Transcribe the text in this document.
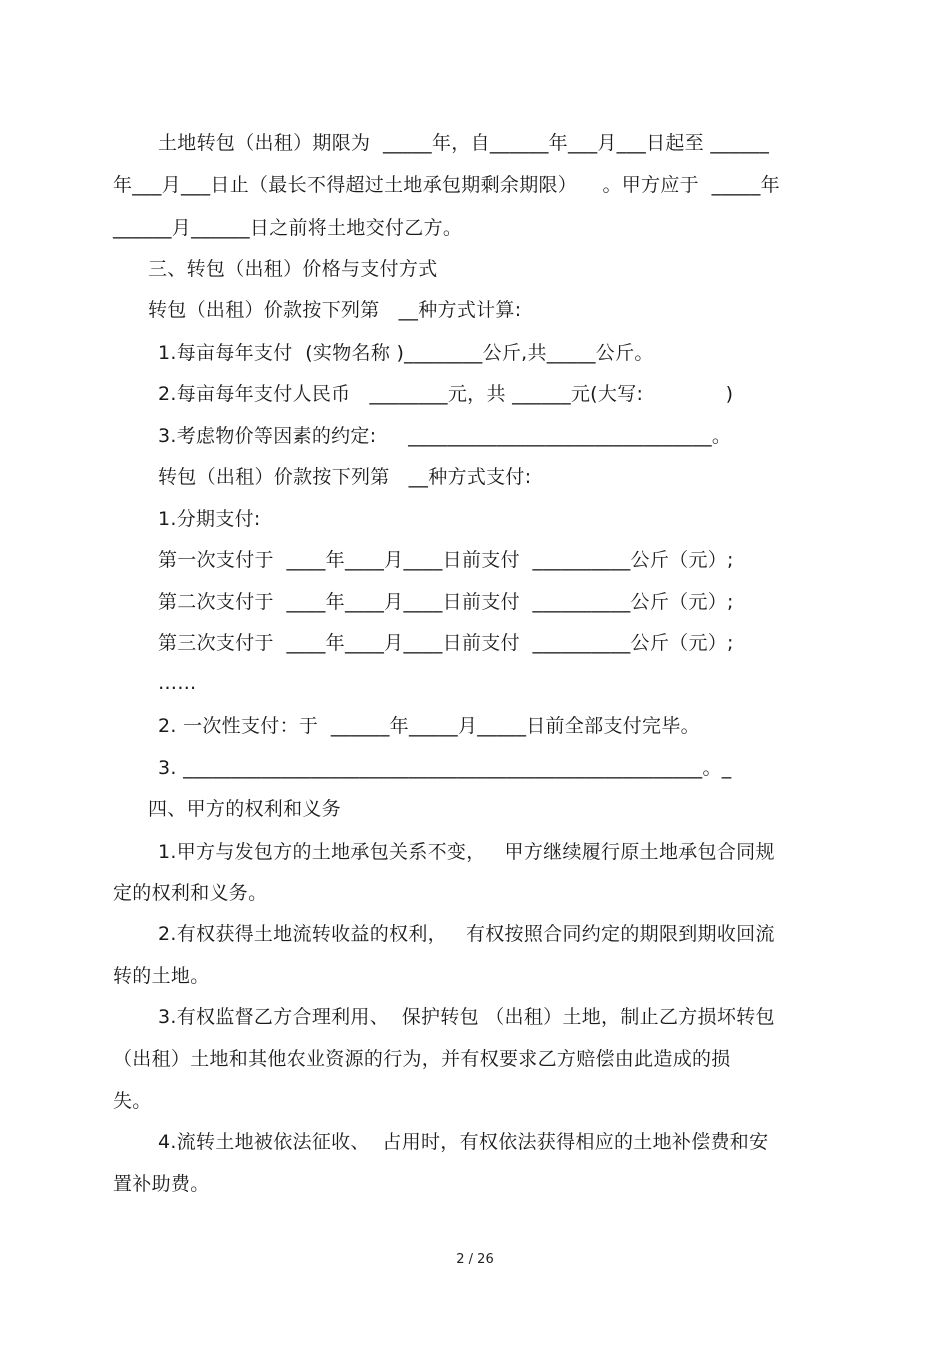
土地转包（出租）期限为  _____年，自______年___月___日起至 ______
年___月___日止（最长不得超过土地承包期剩余期限）    。甲方应于  _____年
______月______日之前将土地交付乙方。
三、转包（出租）价格与支付方式
转包（出租）价款按下列第   __种方式计算:
1.每亩每年支付  (实物名称 )________公斤,共_____公斤。
2.每亩每年支付人民币   ________元，共 ______元(大写:             )
3.考虑物价等因素的约定:     _______________________________。
转包（出租）价款按下列第   __种方式支付:
1.分期支付:
第一次支付于  ____年____月____日前支付  __________公斤（元）;
第二次支付于  ____年____月____日前支付  __________公斤（元）;
第三次支付于  ____年____月____日前支付  __________公斤（元）;
……
2. 一次性支付：于  ______年_____月_____日前全部支付完毕。
3. _____________________________________________________。_
四、甲方的权利和义务
1.甲方与发包方的土地承包关系不变，   甲方继续履行原土地承包合同规
定的权利和义务。
2.有权获得土地流转收益的权利，   有权按照合同约定的期限到期收回流
转的土地。
3.有权监督乙方合理利用、  保护转包 （出租）土地，制止乙方损坏转包
（出租）土地和其他农业资源的行为，并有权要求乙方赔偿由此造成的损
失。
4.流转土地被依法征收、  占用时，有权依法获得相应的土地补偿费和安
置补助费。
2 / 26
